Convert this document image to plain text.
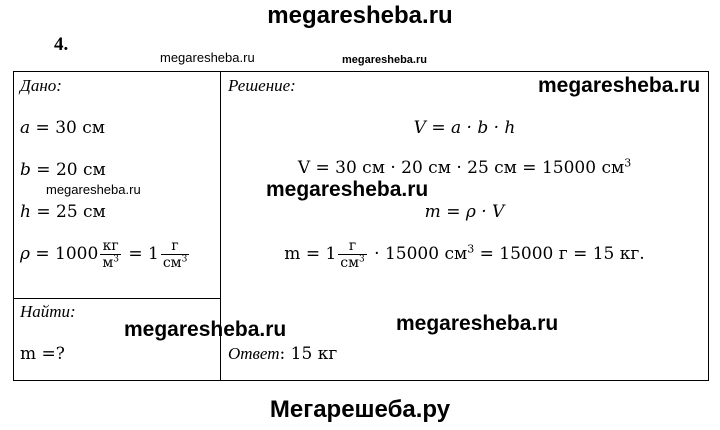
megaresheba.ru
4.
megaresheba.ru	megaresheba.ru
Дано:
a = 30 см
b = 20 см
h = 25 см
$\rho = 1000 \frac{кг}{м^3} = 1 \frac{г}{см^3}$
Найти:
m =?
Решение:
V = a · b · h
V = 30 см · 20 см · 25 см = 15000 $см^3$
m = ρ · V
$m = 1 \frac{г}{см^3} \cdot 15000$ $см^3 = 15000$ г = 15 кг.
Ответ: 15 кг
megaresheba.ru
megaresheba.ru
megaresheba.ru
megaresheba.ru	megaresheba.ru
Мегарешеба.ру
